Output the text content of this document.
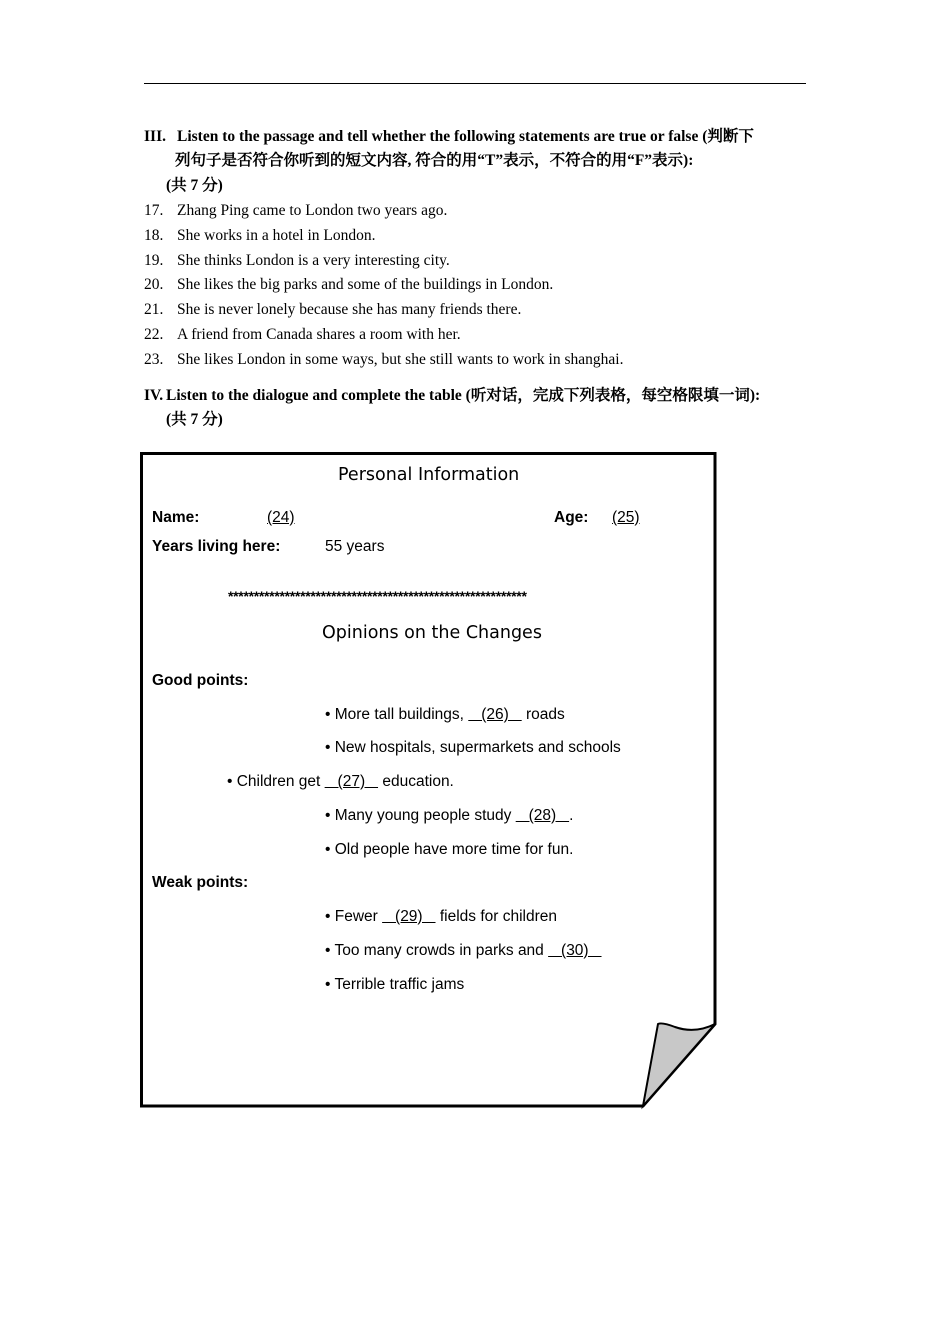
III. Listen to the passage and tell whether the following statements are true or false (判断下
列句子是否符合你听到的短文内容, 符合的用“T”表示，不符合的用“F”表示):
(共 7 分)
17. Zhang Ping came to London two years ago.
18. She works in a hotel in London.
19. She thinks London is a very interesting city.
20. She likes the big parks and some of the buildings in London.
21. She is never lonely because she has many friends there.
22. A friend from Canada shares a room with her.
23. She likes London in some ways, but she still wants to work in shanghai.
IV. Listen to the dialogue and complete the table (听对话，完成下列表格，每空格限填一词):
(共 7 分)
Personal Information
Name:	(24)	Age: (25)
Years living here:	55 years
**********************************************************
Opinions on the Changes
Good points:
• More tall buildings,    (26)    roads
• New hospitals, supermarkets and schools
• Children get    (27)    education.
• Many young people study    (28)   .
• Old people have more time for fun.
Weak points:
• Fewer    (29)    fields for children
• Too many crowds in parks and    (30)
• Terrible traffic jams
